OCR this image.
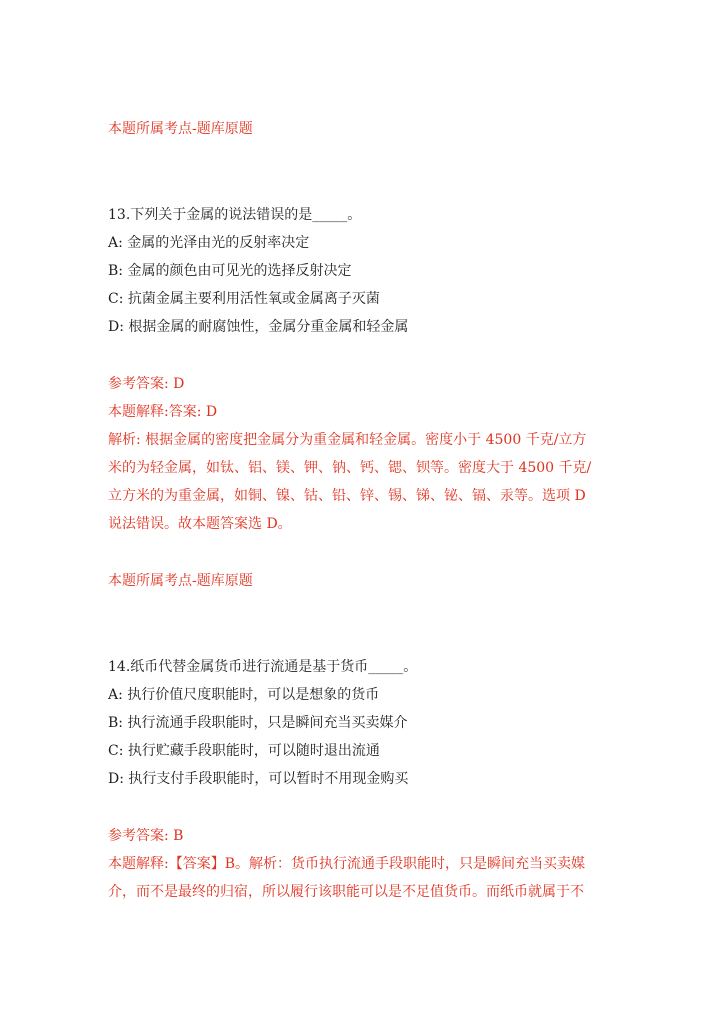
本题所属考点-题库原题
13.下列关于金属的说法错误的是_____。
A: 金属的光泽由光的反射率决定
B: 金属的颜色由可见光的选择反射决定
C: 抗菌金属主要利用活性氧或金属离子灭菌
D: 根据金属的耐腐蚀性，金属分重金属和轻金属
参考答案: D
本题解释:答案: D
解析: 根据金属的密度把金属分为重金属和轻金属。密度小于 4500 千克/立方
米的为轻金属，如钛、铝、镁、钾、钠、钙、锶、钡等。密度大于 4500 千克/
立方米的为重金属，如铜、镍、钴、铅、锌、锡、锑、铋、镉、汞等。选项 D
说法错误。故本题答案选 D。
本题所属考点-题库原题
14.纸币代替金属货币进行流通是基于货币_____。
A: 执行价值尺度职能时，可以是想象的货币
B: 执行流通手段职能时，只是瞬间充当买卖媒介
C: 执行贮藏手段职能时，可以随时退出流通
D: 执行支付手段职能时，可以暂时不用现金购买
参考答案: B
本题解释:【答案】B。解析：货币执行流通手段职能时，只是瞬间充当买卖媒
介，而不是最终的归宿，所以履行该职能可以是不足值货币。而纸币就属于不
